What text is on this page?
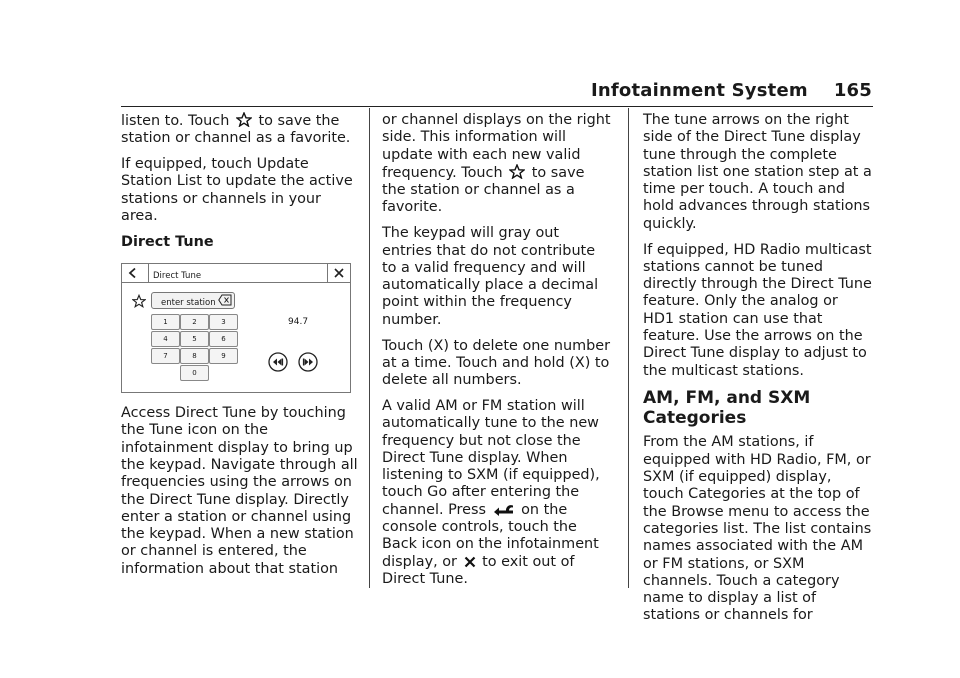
Infotainment System 165

listen to. Touch to save the station or channel as a favorite.

If equipped, touch Update Station List to update the active stations or channels in your area.

Direct Tune

Direct Tune
enter station
1	2	3
4	5	6
7	8	9
0
94.7

Access Direct Tune by touching the Tune icon on the infotainment display to bring up the keypad. Navigate through all frequencies using the arrows on the Direct Tune display. Directly enter a station or channel using the keypad. When a new station or channel is entered, the information about that station

or channel displays on the right side. This information will update with each new valid frequency. Touch to save the station or channel as a favorite.

The keypad will gray out entries that do not contribute to a valid frequency and will automatically place a decimal point within the frequency number.

Touch (X) to delete one number at a time. Touch and hold (X) to delete all numbers.

A valid AM or FM station will automatically tune to the new frequency but not close the Direct Tune display. When listening to SXM (if equipped), touch Go after entering the channel. Press on the console controls, touch the Back icon on the infotainment display, or to exit out of Direct Tune.

The tune arrows on the right side of the Direct Tune display tune through the complete station list one station step at a time per touch. A touch and hold advances through stations quickly.

If equipped, HD Radio multicast stations cannot be tuned directly through the Direct Tune feature. Only the analog or HD1 station can use that feature. Use the arrows on the Direct Tune display to adjust to the multicast stations.

AM, FM, and SXM Categories

From the AM stations, if equipped with HD Radio, FM, or SXM (if equipped) display, touch Categories at the top of the Browse menu to access the categories list. The list contains names associated with the AM or FM stations, or SXM channels. Touch a category name to display a list of stations or channels for
